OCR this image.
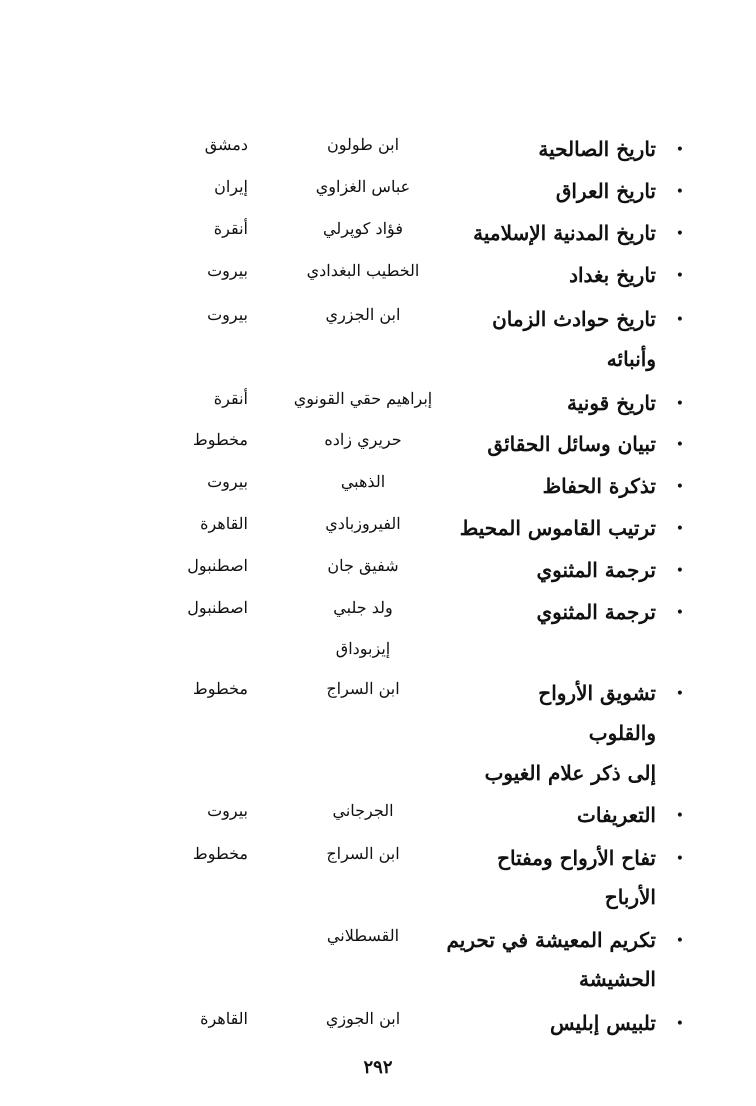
•
تاريخ الصالحية
ابن طولون
دمشق
•
تاريخ العراق
عباس الغزاوي
إيران
•
تاريخ المدنية الإسلامية
فؤاد كوپرلي
أنقرة
•
تاريخ بغداد
الخطيب البغدادي
بيروت
•
تاريخ حوادث الزمان
ابن الجزري
بيروت
وأنبائه
•
تاريخ قونية
إبراهيم حقي القونوي
أنقرة
•
تبيان وسائل الحقائق
حريري زاده
مخطوط
•
تذكرة الحفاظ
الذهبي
بيروت
•
ترتيب القاموس المحيط
الفيروزبادي
القاهرة
•
ترجمة المثنوي
شفيق جان
اصطنبول
•
ترجمة المثنوي
ولد جلبي
اصطنبول
إيزبوداق
•
تشويق الأرواح
ابن السراج
مخطوط
والقلوب
إلى ذكر علام الغيوب
•
التعريفات
الجرجاني
بيروت
•
تفاح الأرواح ومفتاح
ابن السراج
مخطوط
الأرباح
•
تكريم المعيشة في تحريم
القسطلاني
الحشيشة
•
تلبيس إبليس
ابن الجوزي
القاهرة
٢٩٢
